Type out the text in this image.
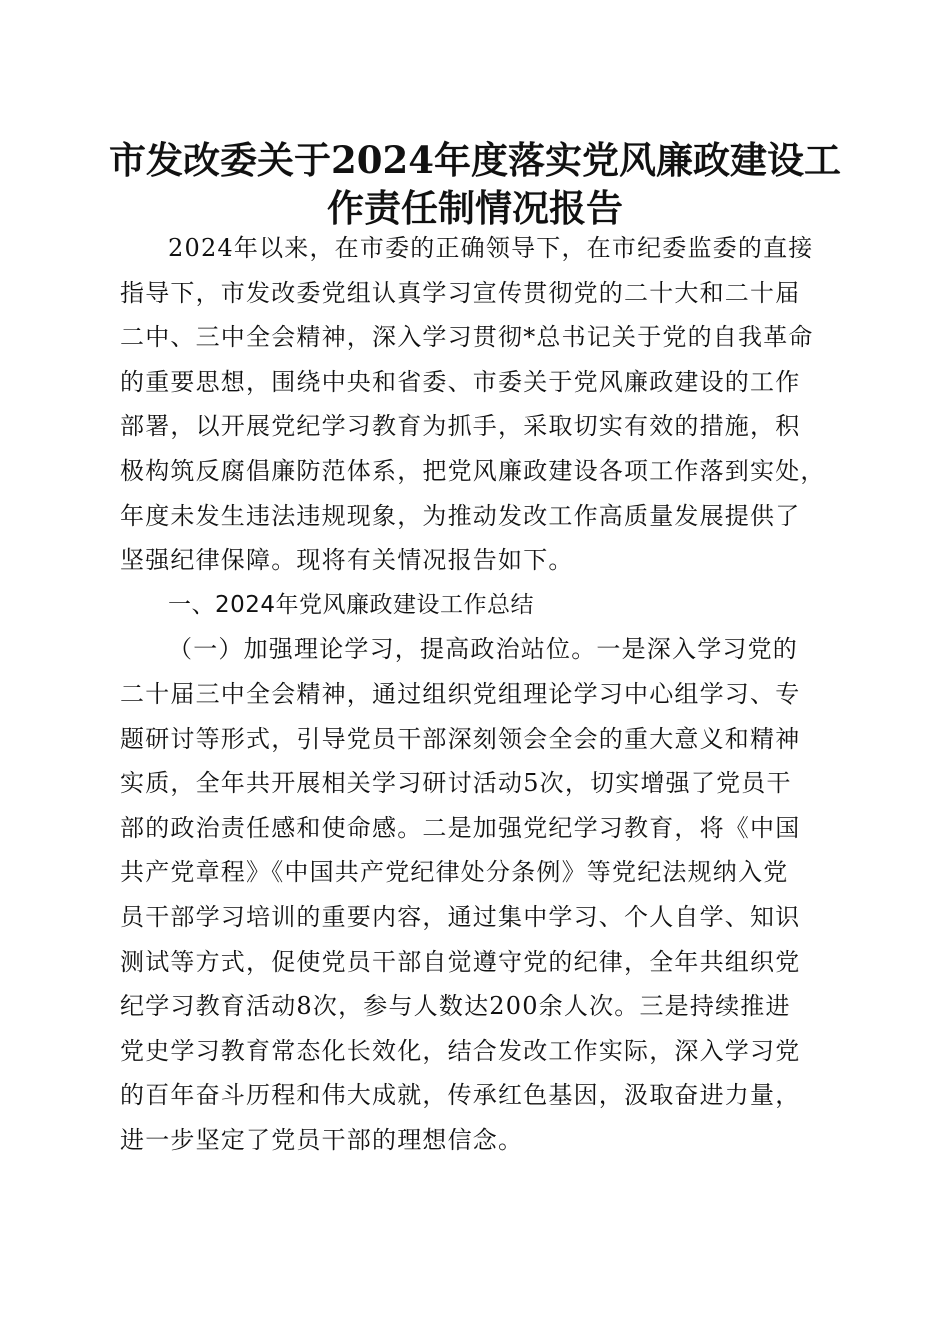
市发改委关于2024年度落实党风廉政建设工
作责任制情况报告
2024年以来，在市委的正确领导下，在市纪委监委的直接
指导下，市发改委党组认真学习宣传贯彻党的二十大和二十届
二中、三中全会精神，深入学习贯彻*总书记关于党的自我革命
的重要思想，围绕中央和省委、市委关于党风廉政建设的工作
部署，以开展党纪学习教育为抓手，采取切实有效的措施，积
极构筑反腐倡廉防范体系，把党风廉政建设各项工作落到实处，
年度未发生违法违规现象，为推动发改工作高质量发展提供了
坚强纪律保障。现将有关情况报告如下。
一、2024年党风廉政建设工作总结
（一）加强理论学习，提高政治站位。一是深入学习党的
二十届三中全会精神，通过组织党组理论学习中心组学习、专
题研讨等形式，引导党员干部深刻领会全会的重大意义和精神
实质，全年共开展相关学习研讨活动5次，切实增强了党员干
部的政治责任感和使命感。二是加强党纪学习教育，将《中国
共产党章程》《中国共产党纪律处分条例》等党纪法规纳入党
员干部学习培训的重要内容，通过集中学习、个人自学、知识
测试等方式，促使党员干部自觉遵守党的纪律，全年共组织党
纪学习教育活动8次，参与人数达200余人次。三是持续推进
党史学习教育常态化长效化，结合发改工作实际，深入学习党
的百年奋斗历程和伟大成就，传承红色基因，汲取奋进力量，
进一步坚定了党员干部的理想信念。
